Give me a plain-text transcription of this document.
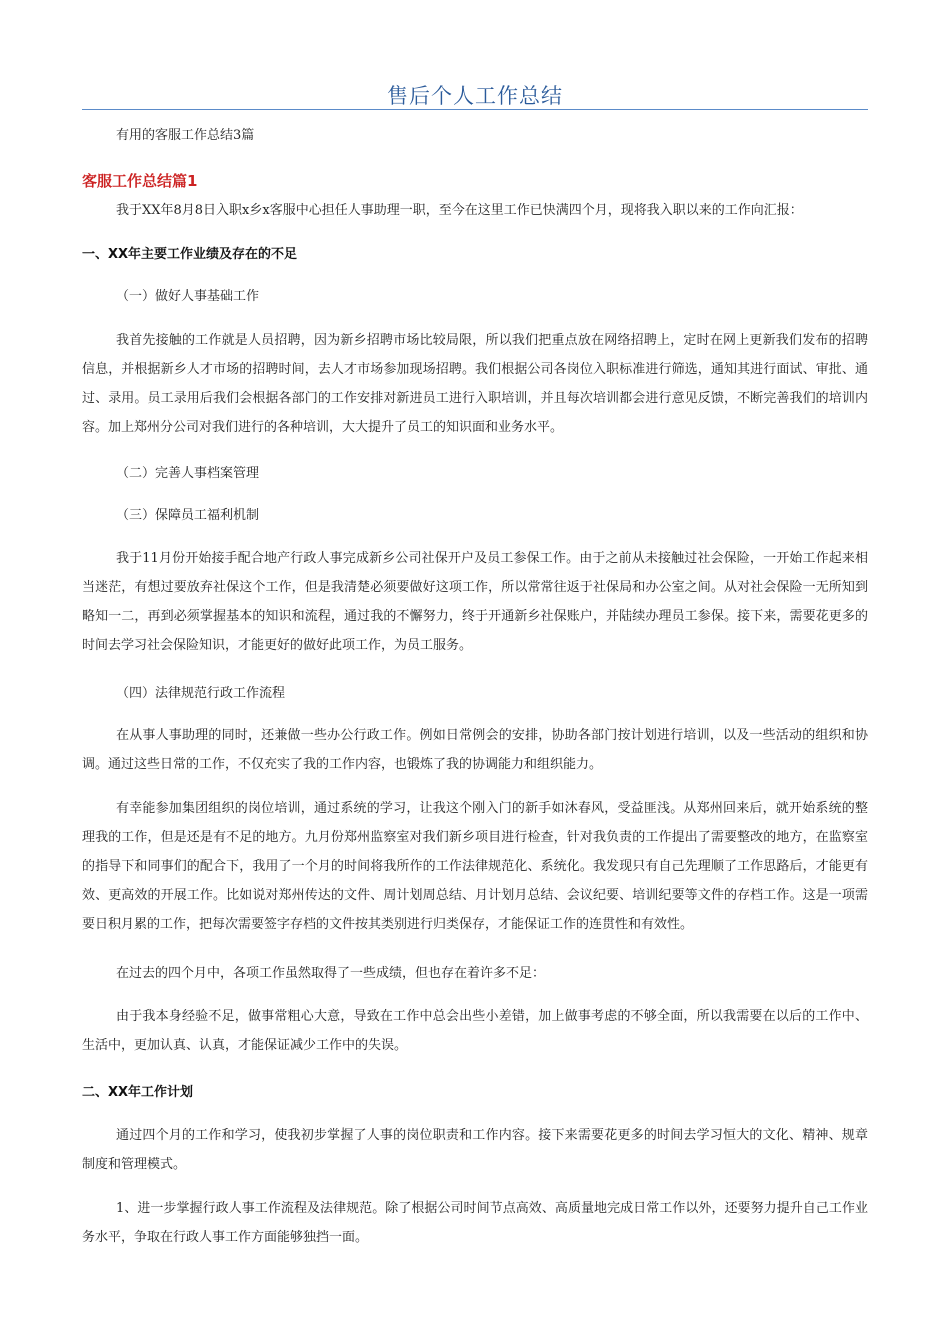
售后个人工作总结
有用的客服工作总结3篇
客服工作总结篇1
我于XX年8月8日入职x乡x客服中心担任人事助理一职，至今在这里工作已快满四个月，现将我入职以来的工作向汇报：
一、XX年主要工作业绩及存在的不足
（一）做好人事基础工作
我首先接触的工作就是人员招聘，因为新乡招聘市场比较局限，所以我们把重点放在网络招聘上，定时在网上更新我们发布的招聘信息，并根据新乡人才市场的招聘时间，去人才市场参加现场招聘。我们根据公司各岗位入职标准进行筛选，通知其进行面试、审批、通过、录用。员工录用后我们会根据各部门的工作安排对新进员工进行入职培训，并且每次培训都会进行意见反馈，不断完善我们的培训内容。加上郑州分公司对我们进行的各种培训，大大提升了员工的知识面和业务水平。
（二）完善人事档案管理
（三）保障员工福利机制
我于11月份开始接手配合地产行政人事完成新乡公司社保开户及员工参保工作。由于之前从未接触过社会保险，一开始工作起来相当迷茫，有想过要放弃社保这个工作，但是我清楚必须要做好这项工作，所以常常往返于社保局和办公室之间。从对社会保险一无所知到略知一二，再到必须掌握基本的知识和流程，通过我的不懈努力，终于开通新乡社保账户，并陆续办理员工参保。接下来，需要花更多的时间去学习社会保险知识，才能更好的做好此项工作，为员工服务。
（四）法律规范行政工作流程
在从事人事助理的同时，还兼做一些办公行政工作。例如日常例会的安排，协助各部门按计划进行培训，以及一些活动的组织和协调。通过这些日常的工作，不仅充实了我的工作内容，也锻炼了我的协调能力和组织能力。
有幸能参加集团组织的岗位培训，通过系统的学习，让我这个刚入门的新手如沐春风，受益匪浅。从郑州回来后，就开始系统的整理我的工作，但是还是有不足的地方。九月份郑州监察室对我们新乡项目进行检查，针对我负责的工作提出了需要整改的地方，在监察室的指导下和同事们的配合下，我用了一个月的时间将我所作的工作法律规范化、系统化。我发现只有自己先理顺了工作思路后，才能更有效、更高效的开展工作。比如说对郑州传达的文件、周计划周总结、月计划月总结、会议纪要、培训纪要等文件的存档工作。这是一项需要日积月累的工作，把每次需要签字存档的文件按其类别进行归类保存，才能保证工作的连贯性和有效性。
在过去的四个月中，各项工作虽然取得了一些成绩，但也存在着许多不足：
由于我本身经验不足，做事常粗心大意，导致在工作中总会出些小差错，加上做事考虑的不够全面，所以我需要在以后的工作中、生活中，更加认真、认真，才能保证减少工作中的失误。
二、XX年工作计划
通过四个月的工作和学习，使我初步掌握了人事的岗位职责和工作内容。接下来需要花更多的时间去学习恒大的文化、精神、规章制度和管理模式。
1、进一步掌握行政人事工作流程及法律规范。除了根据公司时间节点高效、高质量地完成日常工作以外，还要努力提升自己工作业务水平，争取在行政人事工作方面能够独挡一面。
